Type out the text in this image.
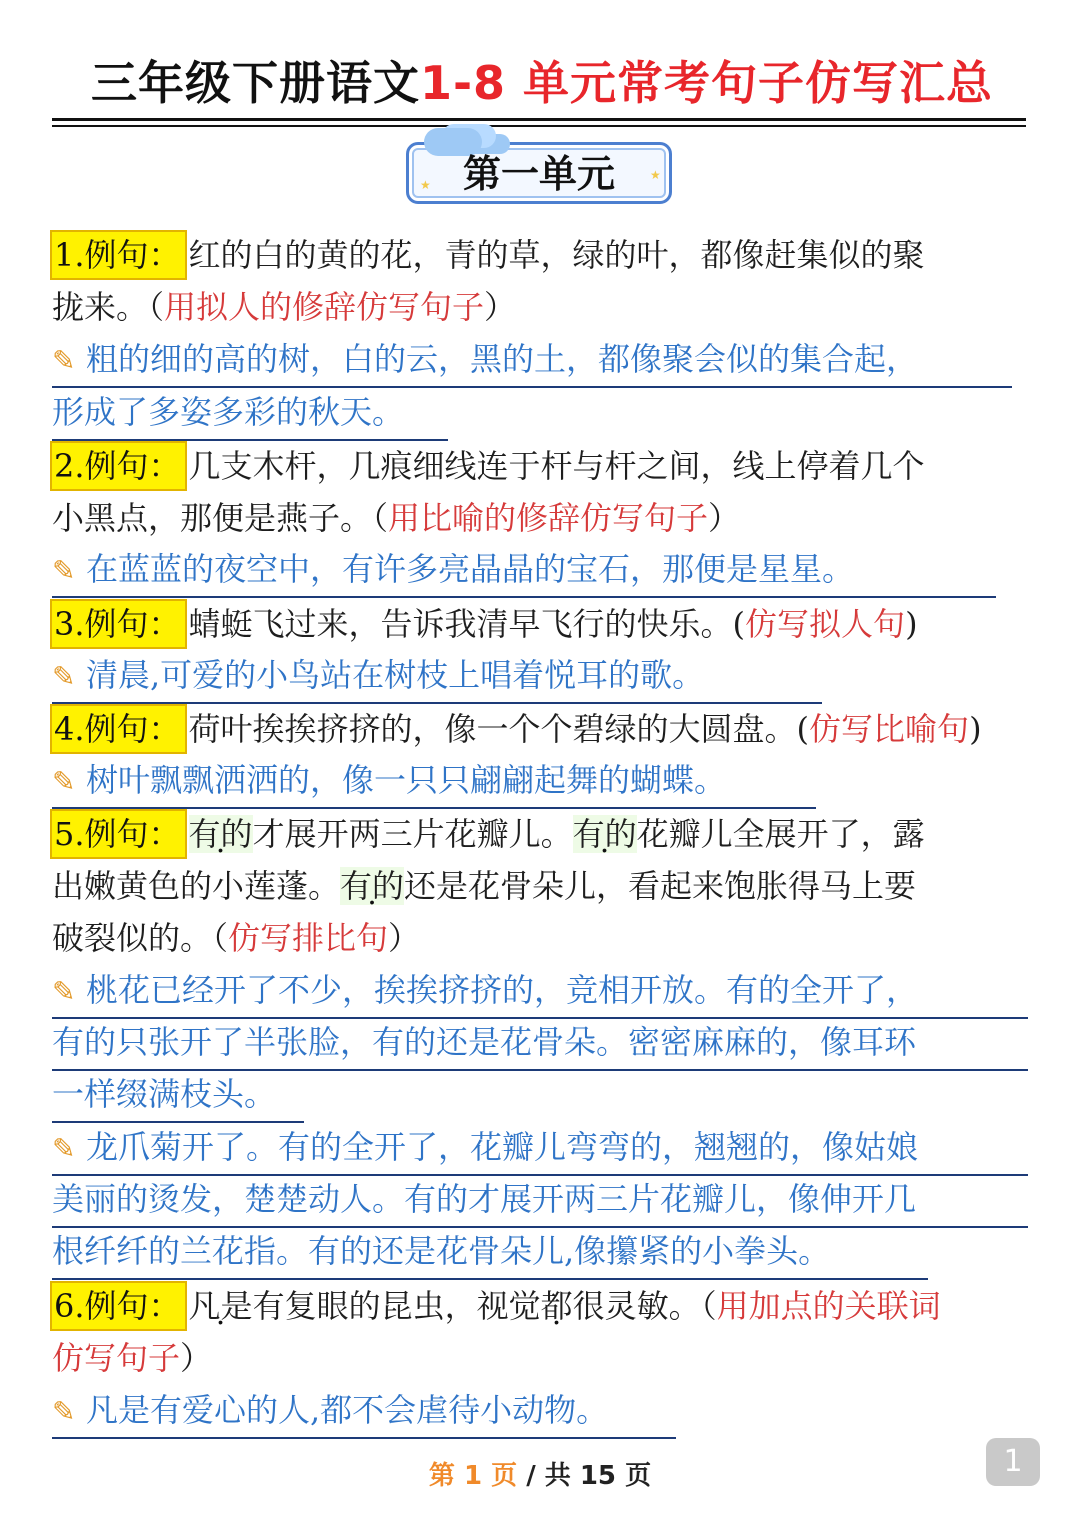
三年级下册语文1-8 单元常考句子仿写汇总
★
★
第一单元
1.例句： 红的白的黄的花，青的草，绿的叶，都像赶集似的聚
拢来。（用拟人的修辞仿写句子）
✎ 粗的细的高的树，白的云，黑的土，都像聚会似的集合起，
形成了多姿多彩的秋天。
2.例句： 几支木杆，几痕细线连于杆与杆之间，线上停着几个
小黑点，那便是燕子。（用比喻的修辞仿写句子）
✎ 在蓝蓝的夜空中，有许多亮晶晶的宝石，那便是星星。
3.例句： 蜻蜓飞过来，告诉我清早飞行的快乐。(仿写拟人句)
✎ 清晨,可爱的小鸟站在树枝上唱着悦耳的歌。
4.例句： 荷叶挨挨挤挤的，像一个个碧绿的大圆盘。(仿写比喻句)
✎ 树叶飘飘洒洒的，像一只只翩翩起舞的蝴蝶。
5.例句： 有的 .才展开两三片花瓣儿。有的 .花瓣儿全展开了，露
出嫩黄色的小莲蓬。有的 .还是花骨朵儿，看起来饱胀得马上要
破裂似的。（仿写排比句）
✎ 桃花已经开了不少，挨挨挤挤的，竞相开放。有的全开了，
有的只张开了半张脸，有的还是花骨朵。密密麻麻的，像耳环
一样缀满枝头。
✎ 龙爪菊开了。有的全开了，花瓣儿弯弯的，翘翘的，像姑娘
美丽的烫发，楚楚动人。有的才展开两三片花瓣儿，像伸开几
根纤纤的兰花指。有的还是花骨朵儿,像攥紧的小拳头。
6.例句： 凡是 .有复眼的昆虫，视觉都 .很灵敏。（用加点的关联词
仿写句子）
✎ 凡是有爱心的人,都不会虐待小动物。
第 1 页 / 共 15 页	1
